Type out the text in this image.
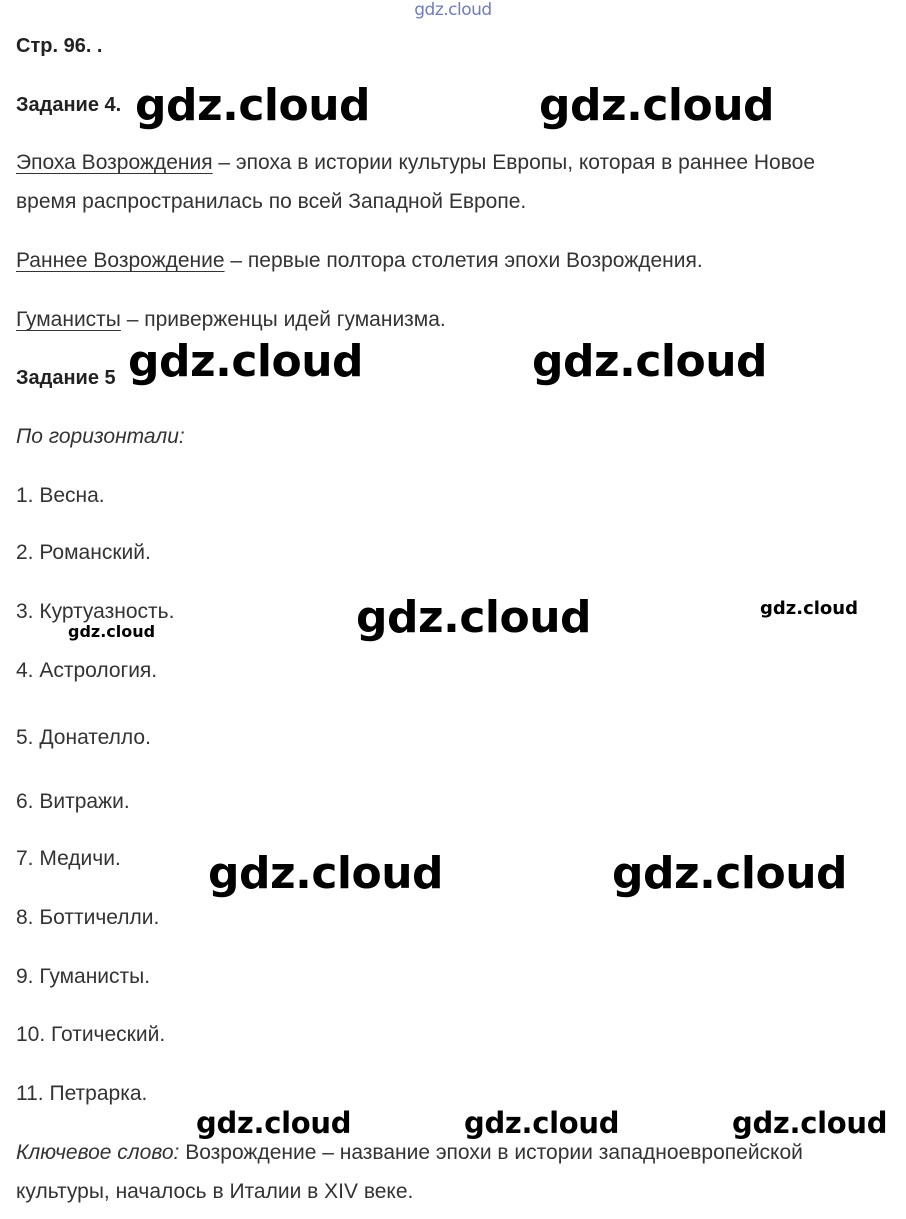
gdz.cloud
Стр. 96. .
Задание 4.
Эпоха Возрождения – эпоха в истории культуры Европы, которая в раннее Новое
время распространилась по всей Западной Европе.
Раннее Возрождение – первые полтора столетия эпохи Возрождения.
Гуманисты – приверженцы идей гуманизма.
Задание 5
По горизонтали:
1. Весна.
2. Романский.
3. Куртуазность.
4. Астрология.
5. Донателло.
6. Витражи.
7. Медичи.
8. Боттичелли.
9. Гуманисты.
10. Готический.
11. Петрарка.
Ключевое слово: Возрождение – название эпохи в истории западноевропейской
культуры, началось в Италии в XIV веке.
gdz.cloud	gdz.cloud
gdz.cloud	gdz.cloud
gdz.cloud	gdz.cloud
gdz.cloud
gdz.cloud	gdz.cloud
gdz.cloud	gdz.cloud	gdz.cloud
